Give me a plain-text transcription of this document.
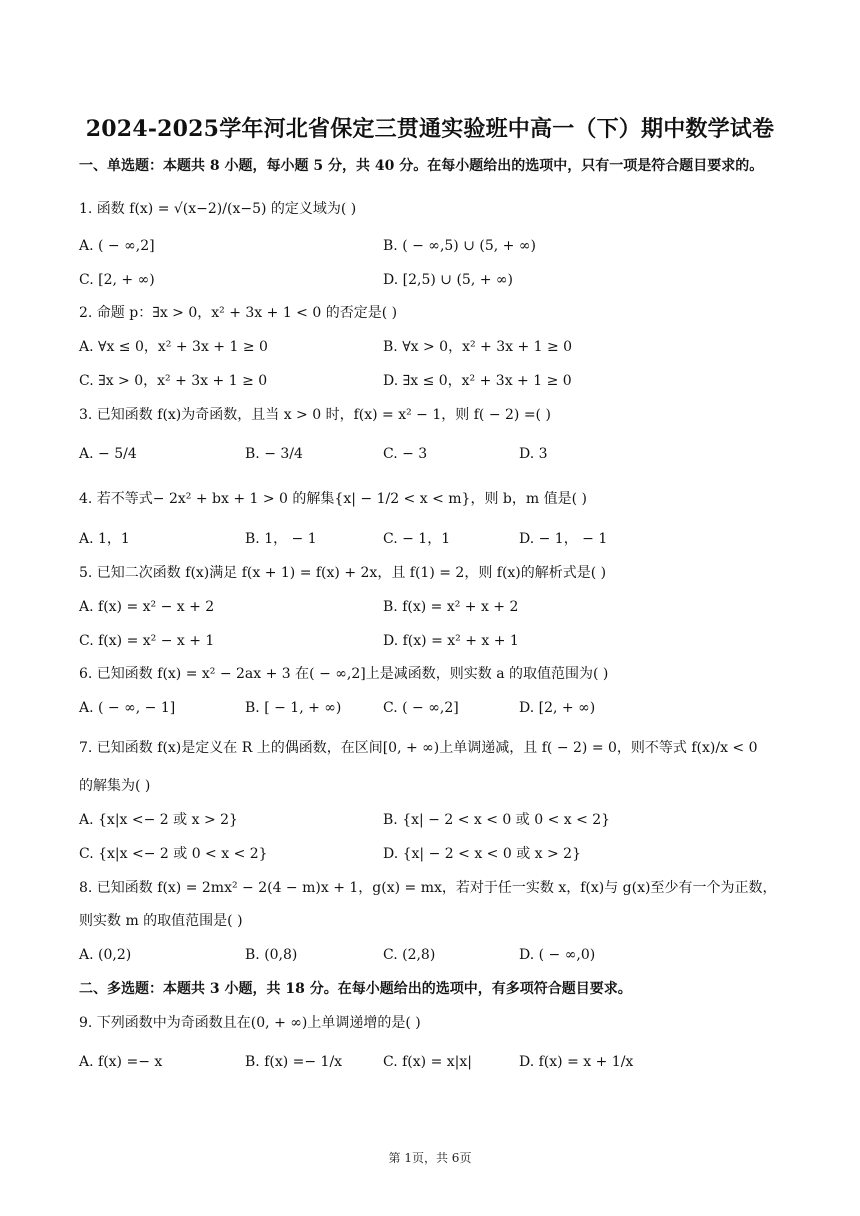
2024-2025学年河北省保定三贯通实验班中高一（下）期中数学试卷
一、单选题：本题共 8 小题，每小题 5 分，共 40 分。在每小题给出的选项中，只有一项是符合题目要求的。
1. 函数 f(x) = √(x−2)/(x−5) 的定义域为( )
A. ( − ∞,2]	B. ( − ∞,5) ∪ (5, + ∞)
C. [2, + ∞)	D. [2,5) ∪ (5, + ∞)
2. 命题 p：∃x > 0，x² + 3x + 1 < 0 的否定是( )
A. ∀x ≤ 0，x² + 3x + 1 ≥ 0	B. ∀x > 0，x² + 3x + 1 ≥ 0
C. ∃x > 0，x² + 3x + 1 ≥ 0	D. ∃x ≤ 0，x² + 3x + 1 ≥ 0
3. 已知函数 f(x)为奇函数，且当 x > 0 时，f(x) = x² − 1，则 f( − 2) =( )
A. − 5/4	B. − 3/4	C. − 3	D. 3
4. 若不等式− 2x² + bx + 1 > 0 的解集{x| − 1/2 < x < m}，则 b，m 值是( )
A. 1，1	B. 1， − 1	C. − 1，1	D. − 1， − 1
5. 已知二次函数 f(x)满足 f(x + 1) = f(x) + 2x，且 f(1) = 2，则 f(x)的解析式是( )
A. f(x) = x² − x + 2	B. f(x) = x² + x + 2
C. f(x) = x² − x + 1	D. f(x) = x² + x + 1
6. 已知函数 f(x) = x² − 2ax + 3 在( − ∞,2]上是减函数，则实数 a 的取值范围为( )
A. ( − ∞, − 1]	B. [ − 1, + ∞)	C. ( − ∞,2]	D. [2, + ∞)
7. 已知函数 f(x)是定义在 R 上的偶函数，在区间[0, + ∞)上单调递减，且 f( − 2) = 0，则不等式 f(x)/x < 0
的解集为( )
A. {x|x <− 2 或 x > 2}	B. {x| − 2 < x < 0 或 0 < x < 2}
C. {x|x <− 2 或 0 < x < 2}	D. {x| − 2 < x < 0 或 x > 2}
8. 已知函数 f(x) = 2mx² − 2(4 − m)x + 1，g(x) = mx，若对于任一实数 x，f(x)与 g(x)至少有一个为正数，
则实数 m 的取值范围是( )
A. (0,2)	B. (0,8)	C. (2,8)	D. ( − ∞,0)
二、多选题：本题共 3 小题，共 18 分。在每小题给出的选项中，有多项符合题目要求。
9. 下列函数中为奇函数且在(0, + ∞)上单调递增的是( )
A. f(x) =− x	B. f(x) =− 1/x	C. f(x) = x|x|	D. f(x) = x + 1/x
第 1页，共 6页
